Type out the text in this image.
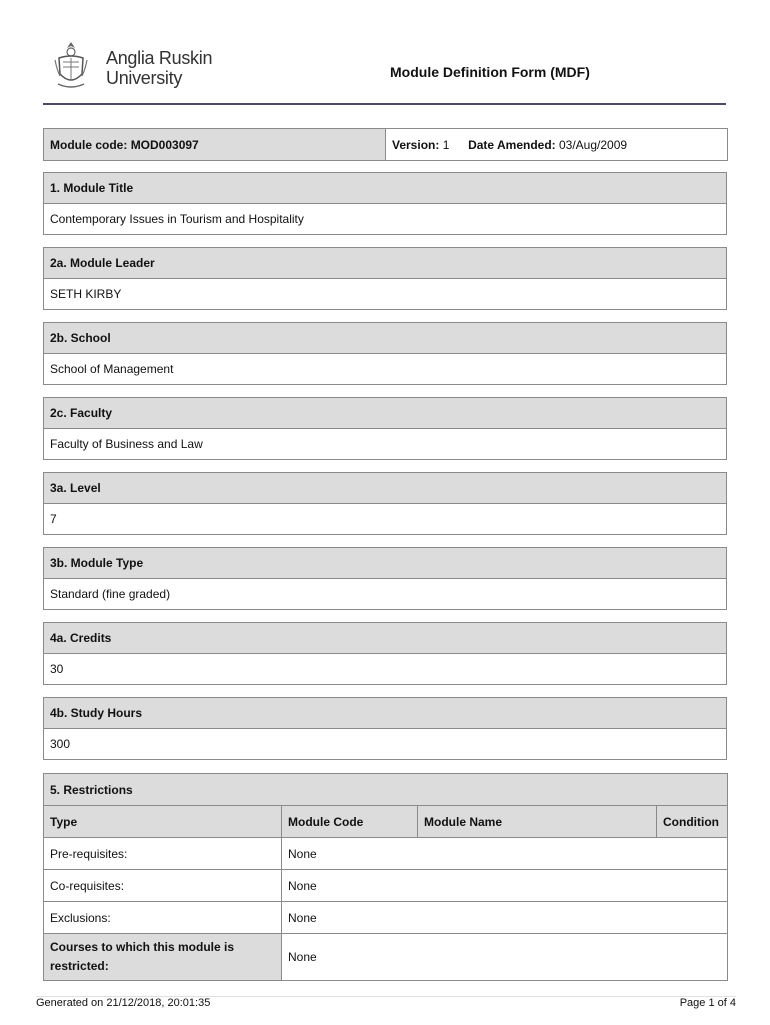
Anglia Ruskin
University	Module Definition Form (MDF)
Module code: MOD003097	Version: 1 Date Amended: 03/Aug/2009
1. Module Title
Contemporary Issues in Tourism and Hospitality
2a. Module Leader
SETH KIRBY
2b. School
School of Management
2c. Faculty
Faculty of Business and Law
3a. Level
7
3b. Module Type
Standard (fine graded)
4a. Credits
30
4b. Study Hours
300
5. Restrictions			
Type	Module Code	Module Name	Condition
Pre-requisites:	None		
Co-requisites:	None		
Exclusions:	None		
Courses to which this module is restricted:	None		
Generated on 21/12/2018, 20:01:35	Page 1 of 4
